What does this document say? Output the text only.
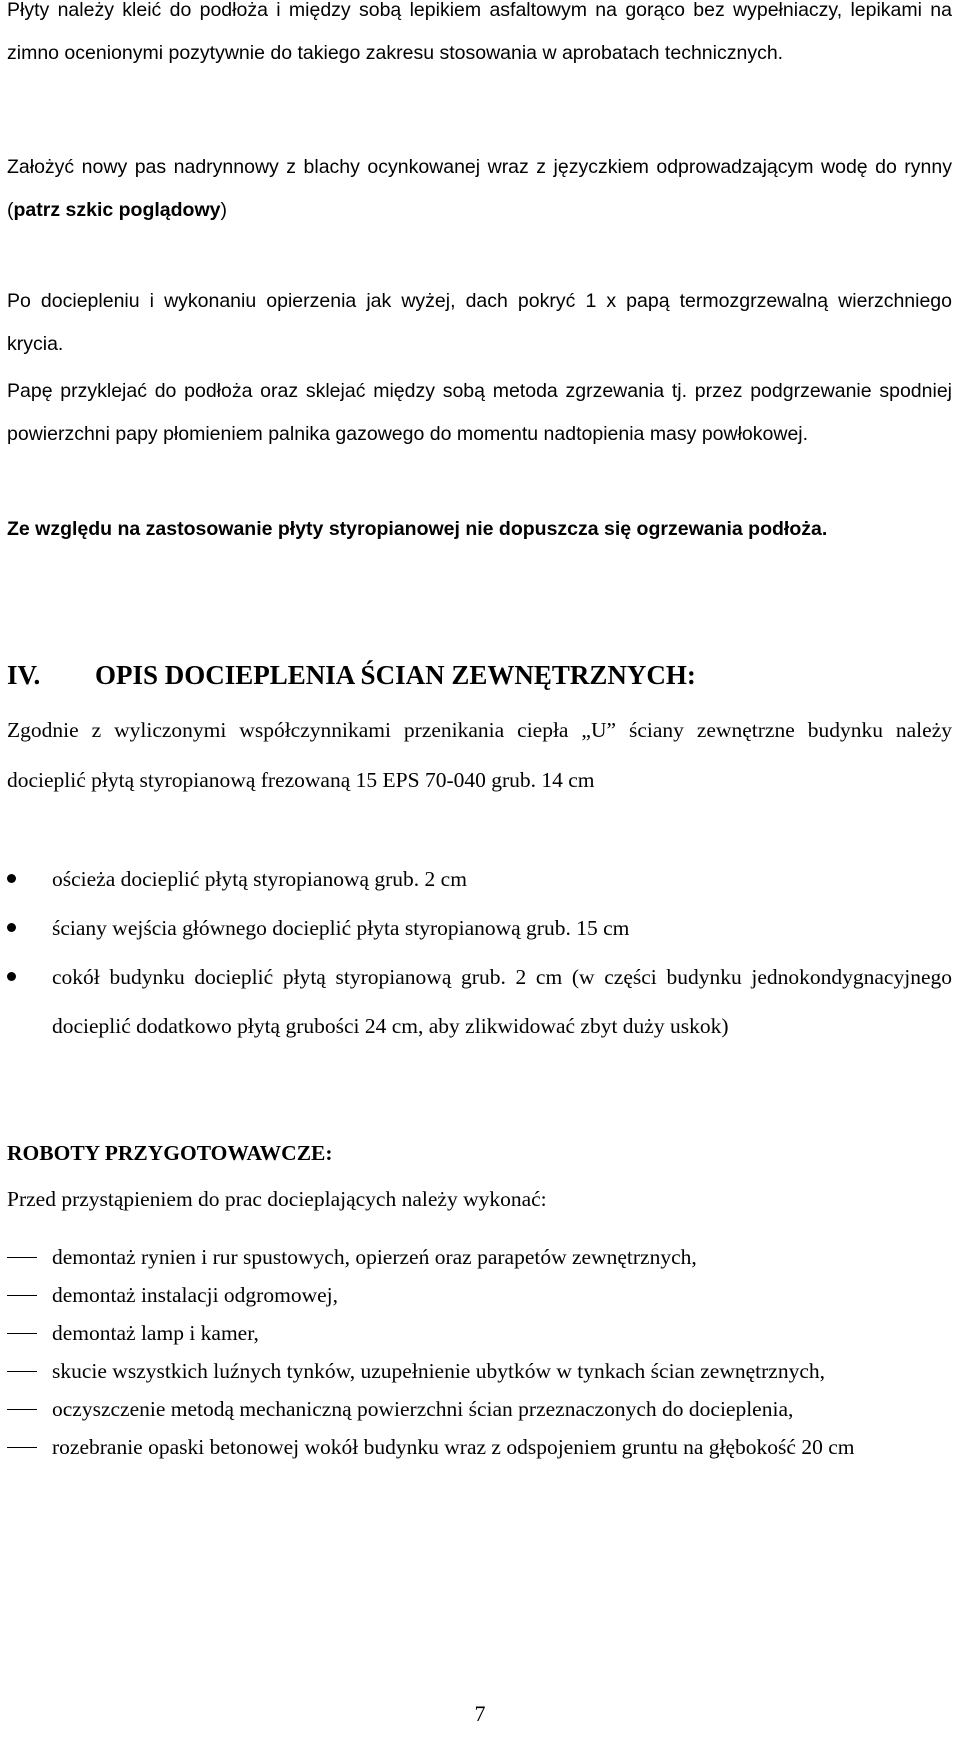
Płyty należy kleić do podłoża i między sobą lepikiem asfaltowym na gorąco bez wypełniaczy, lepikami na zimno ocenionymi pozytywnie do takiego zakresu stosowania w aprobatach technicznych.

Założyć nowy pas nadrynnowy z blachy ocynkowanej wraz z języczkiem odprowadzającym wodę do rynny (patrz szkic poglądowy)

Po dociepleniu i wykonaniu opierzenia jak wyżej, dach pokryć 1 x papą termozgrzewalną wierzchniego krycia.

Papę przyklejać do podłoża oraz sklejać między sobą metoda zgrzewania tj. przez podgrzewanie spodniej powierzchni papy płomieniem palnika gazowego do momentu nadtopienia masy powłokowej.

Ze względu na zastosowanie płyty styropianowej nie dopuszcza się ogrzewania podłoża.

IV. OPIS DOCIEPLENIA ŚCIAN ZEWNĘTRZNYCH:

Zgodnie z wyliczonymi współczynnikami przenikania ciepła „U” ściany zewnętrzne budynku należy docieplić płytą styropianową frezowaną 15 EPS 70-040 grub. 14 cm

ościeża docieplić płytą styropianową grub. 2 cm
ściany wejścia głównego docieplić płyta styropianową grub. 15 cm
cokół budynku docieplić płytą styropianową grub. 2 cm (w części budynku jednokondygnacyjnego docieplić dodatkowo płytą grubości 24 cm, aby zlikwidować zbyt duży uskok)
ROBOTY PRZYGOTOWAWCZE:

Przed przystąpieniem do prac docieplających należy wykonać:

demontaż rynien i rur spustowych, opierzeń oraz parapetów zewnętrznych,
demontaż instalacji odgromowej,
demontaż lamp i kamer,
skucie wszystkich luźnych tynków, uzupełnienie ubytków w tynkach ścian zewnętrznych,
oczyszczenie metodą mechaniczną powierzchni ścian przeznaczonych do docieplenia,
rozebranie opaski betonowej wokół budynku wraz z odspojeniem gruntu na głębokość 20 cm
7
